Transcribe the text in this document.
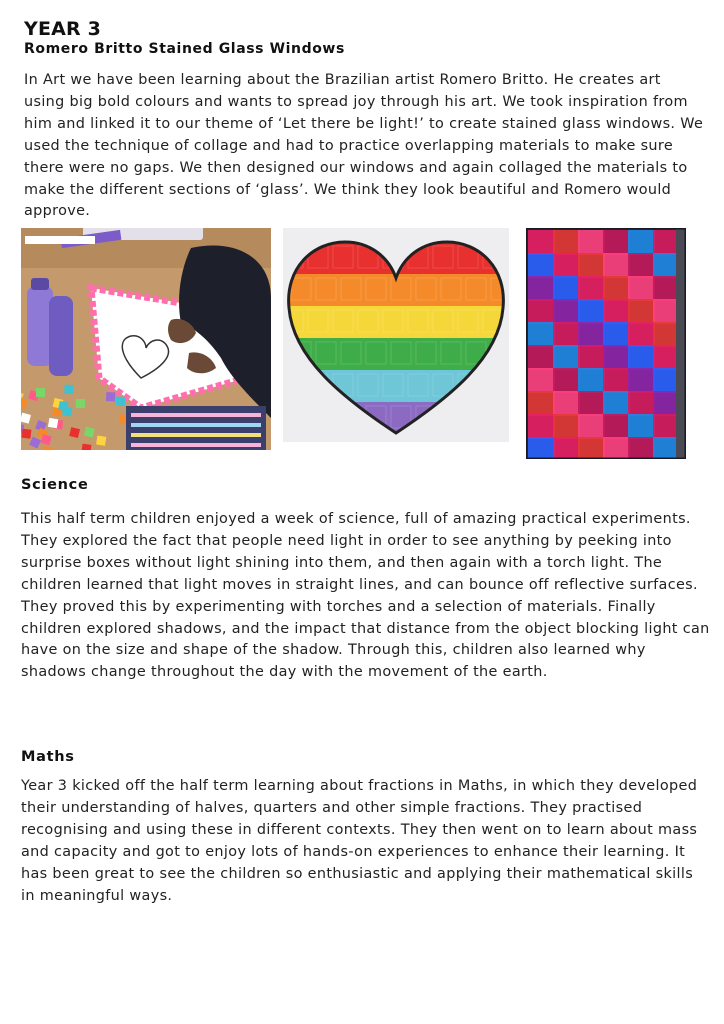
YEAR 3

Romero Britto Stained Glass Windows

In Art we have been learning about the Brazilian artist Romero Britto. He creates art using big bold colours and wants to spread joy through his art. We took inspiration from him and linked it to our theme of ‘Let there be light!’ to create stained glass windows. We used the technique of collage and had to practice overlapping materials to make sure there were no gaps. We then designed our windows and again collaged the materials to make the different sections of ‘glass’. We think they look beautiful and Romero would approve.

Science

This half term children enjoyed a week of science, full of amazing practical experiments. They explored the fact that people need light in order to see anything by peeking into surprise boxes without light shining into them, and then again with a torch light. The children learned that light moves in straight lines, and can bounce off reflective surfaces. They proved this by experimenting with torches and a selection of materials. Finally children explored shadows, and the impact that distance from the object blocking light can have on the size and shape of the shadow. Through this, children also learned why shadows change throughout the day with the movement of the earth.

Maths

Year 3 kicked off the half term learning about fractions in Maths, in which they developed their understanding of halves, quarters and other simple fractions. They practised recognising and using these in different contexts. They then went on to learn about mass and capacity and got to enjoy lots of hands-on experiences to enhance their learning. It has been great to see the children so enthusiastic and applying their mathematical skills in meaningful ways.
